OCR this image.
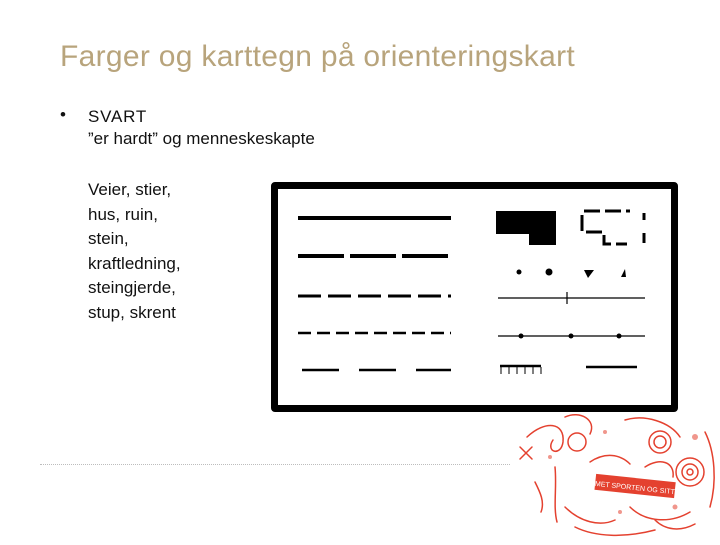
Farger og karttegn på orienteringskart
• SVART
”er hardt” og menneskeskapte
Veier, stier,
hus, ruin,
stein,
kraftledning,
steingjerde,
stup, skrent
MET SPORTEN OG SITT
